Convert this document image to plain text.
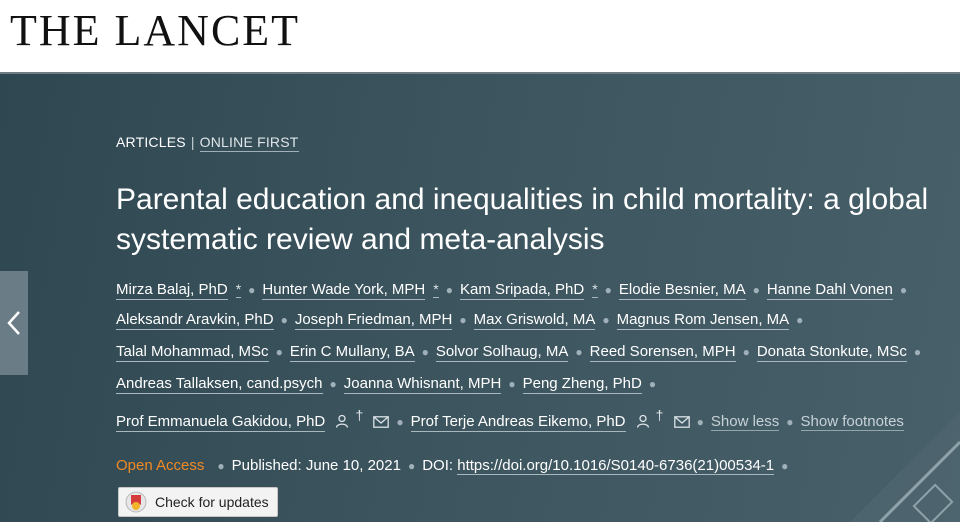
THE LANCET
ARTICLES | ONLINE FIRST
Parental education and inequalities in child mortality: a global systematic review and meta-analysis
Mirza Balaj, PhD * ● Hunter Wade York, MPH * ● Kam Sripada, PhD * ● Elodie Besnier, MA ● Hanne Dahl Vonen ●
Aleksandr Aravkin, PhD ● Joseph Friedman, MPH ● Max Griswold, MA ● Magnus Rom Jensen, MA ●
Talal Mohammad, MSc ● Erin C Mullany, BA ● Solvor Solhaug, MA ● Reed Sorensen, MPH ● Donata Stonkute, MSc ●
Andreas Tallaksen, cand.psych ● Joanna Whisnant, MPH ● Peng Zheng, PhD ●
Prof Emmanuela Gakidou, PhD †	● Prof Terje Andreas Eikemo, PhD †	● Show less ● Show footnotes
Open Access ● Published: June 10, 2021 ● DOI: https://doi.org/10.1016/S0140-6736(21)00534-1 ●
Check for updates
